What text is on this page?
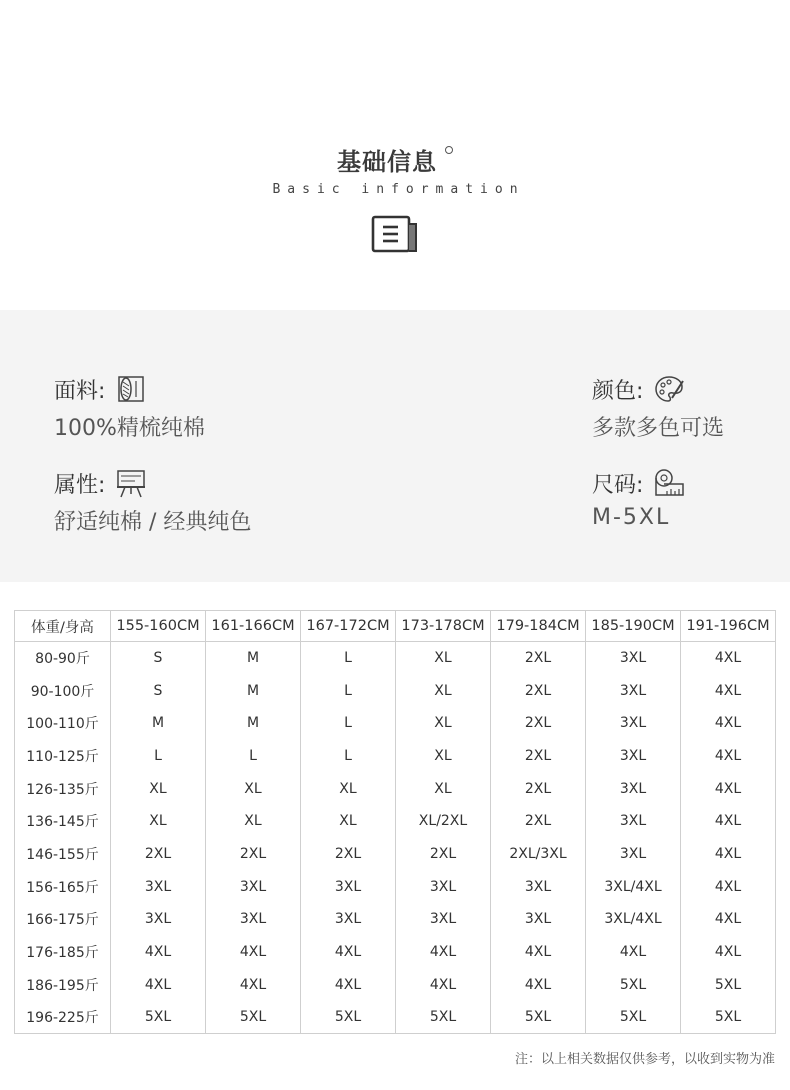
基础信息
Basic information
面料:
100%精梳纯棉
颜色:
多款多色可选
属性:
舒适纯棉 / 经典纯色
尺码:
M-5XL
体重/身高	155-160CM	161-166CM	167-172CM	173-178CM	179-184CM	185-190CM	191-196CM
80-90斤	S	M	L	XL	2XL	3XL	4XL
90-100斤	S	M	L	XL	2XL	3XL	4XL
100-110斤	M	M	L	XL	2XL	3XL	4XL
110-125斤	L	L	L	XL	2XL	3XL	4XL
126-135斤	XL	XL	XL	XL	2XL	3XL	4XL
136-145斤	XL	XL	XL	XL/2XL	2XL	3XL	4XL
146-155斤	2XL	2XL	2XL	2XL	2XL/3XL	3XL	4XL
156-165斤	3XL	3XL	3XL	3XL	3XL	3XL/4XL	4XL
166-175斤	3XL	3XL	3XL	3XL	3XL	3XL/4XL	4XL
176-185斤	4XL	4XL	4XL	4XL	4XL	4XL	4XL
186-195斤	4XL	4XL	4XL	4XL	4XL	5XL	5XL
196-225斤	5XL	5XL	5XL	5XL	5XL	5XL	5XL
注：以上相关数据仅供参考，以收到实物为准
